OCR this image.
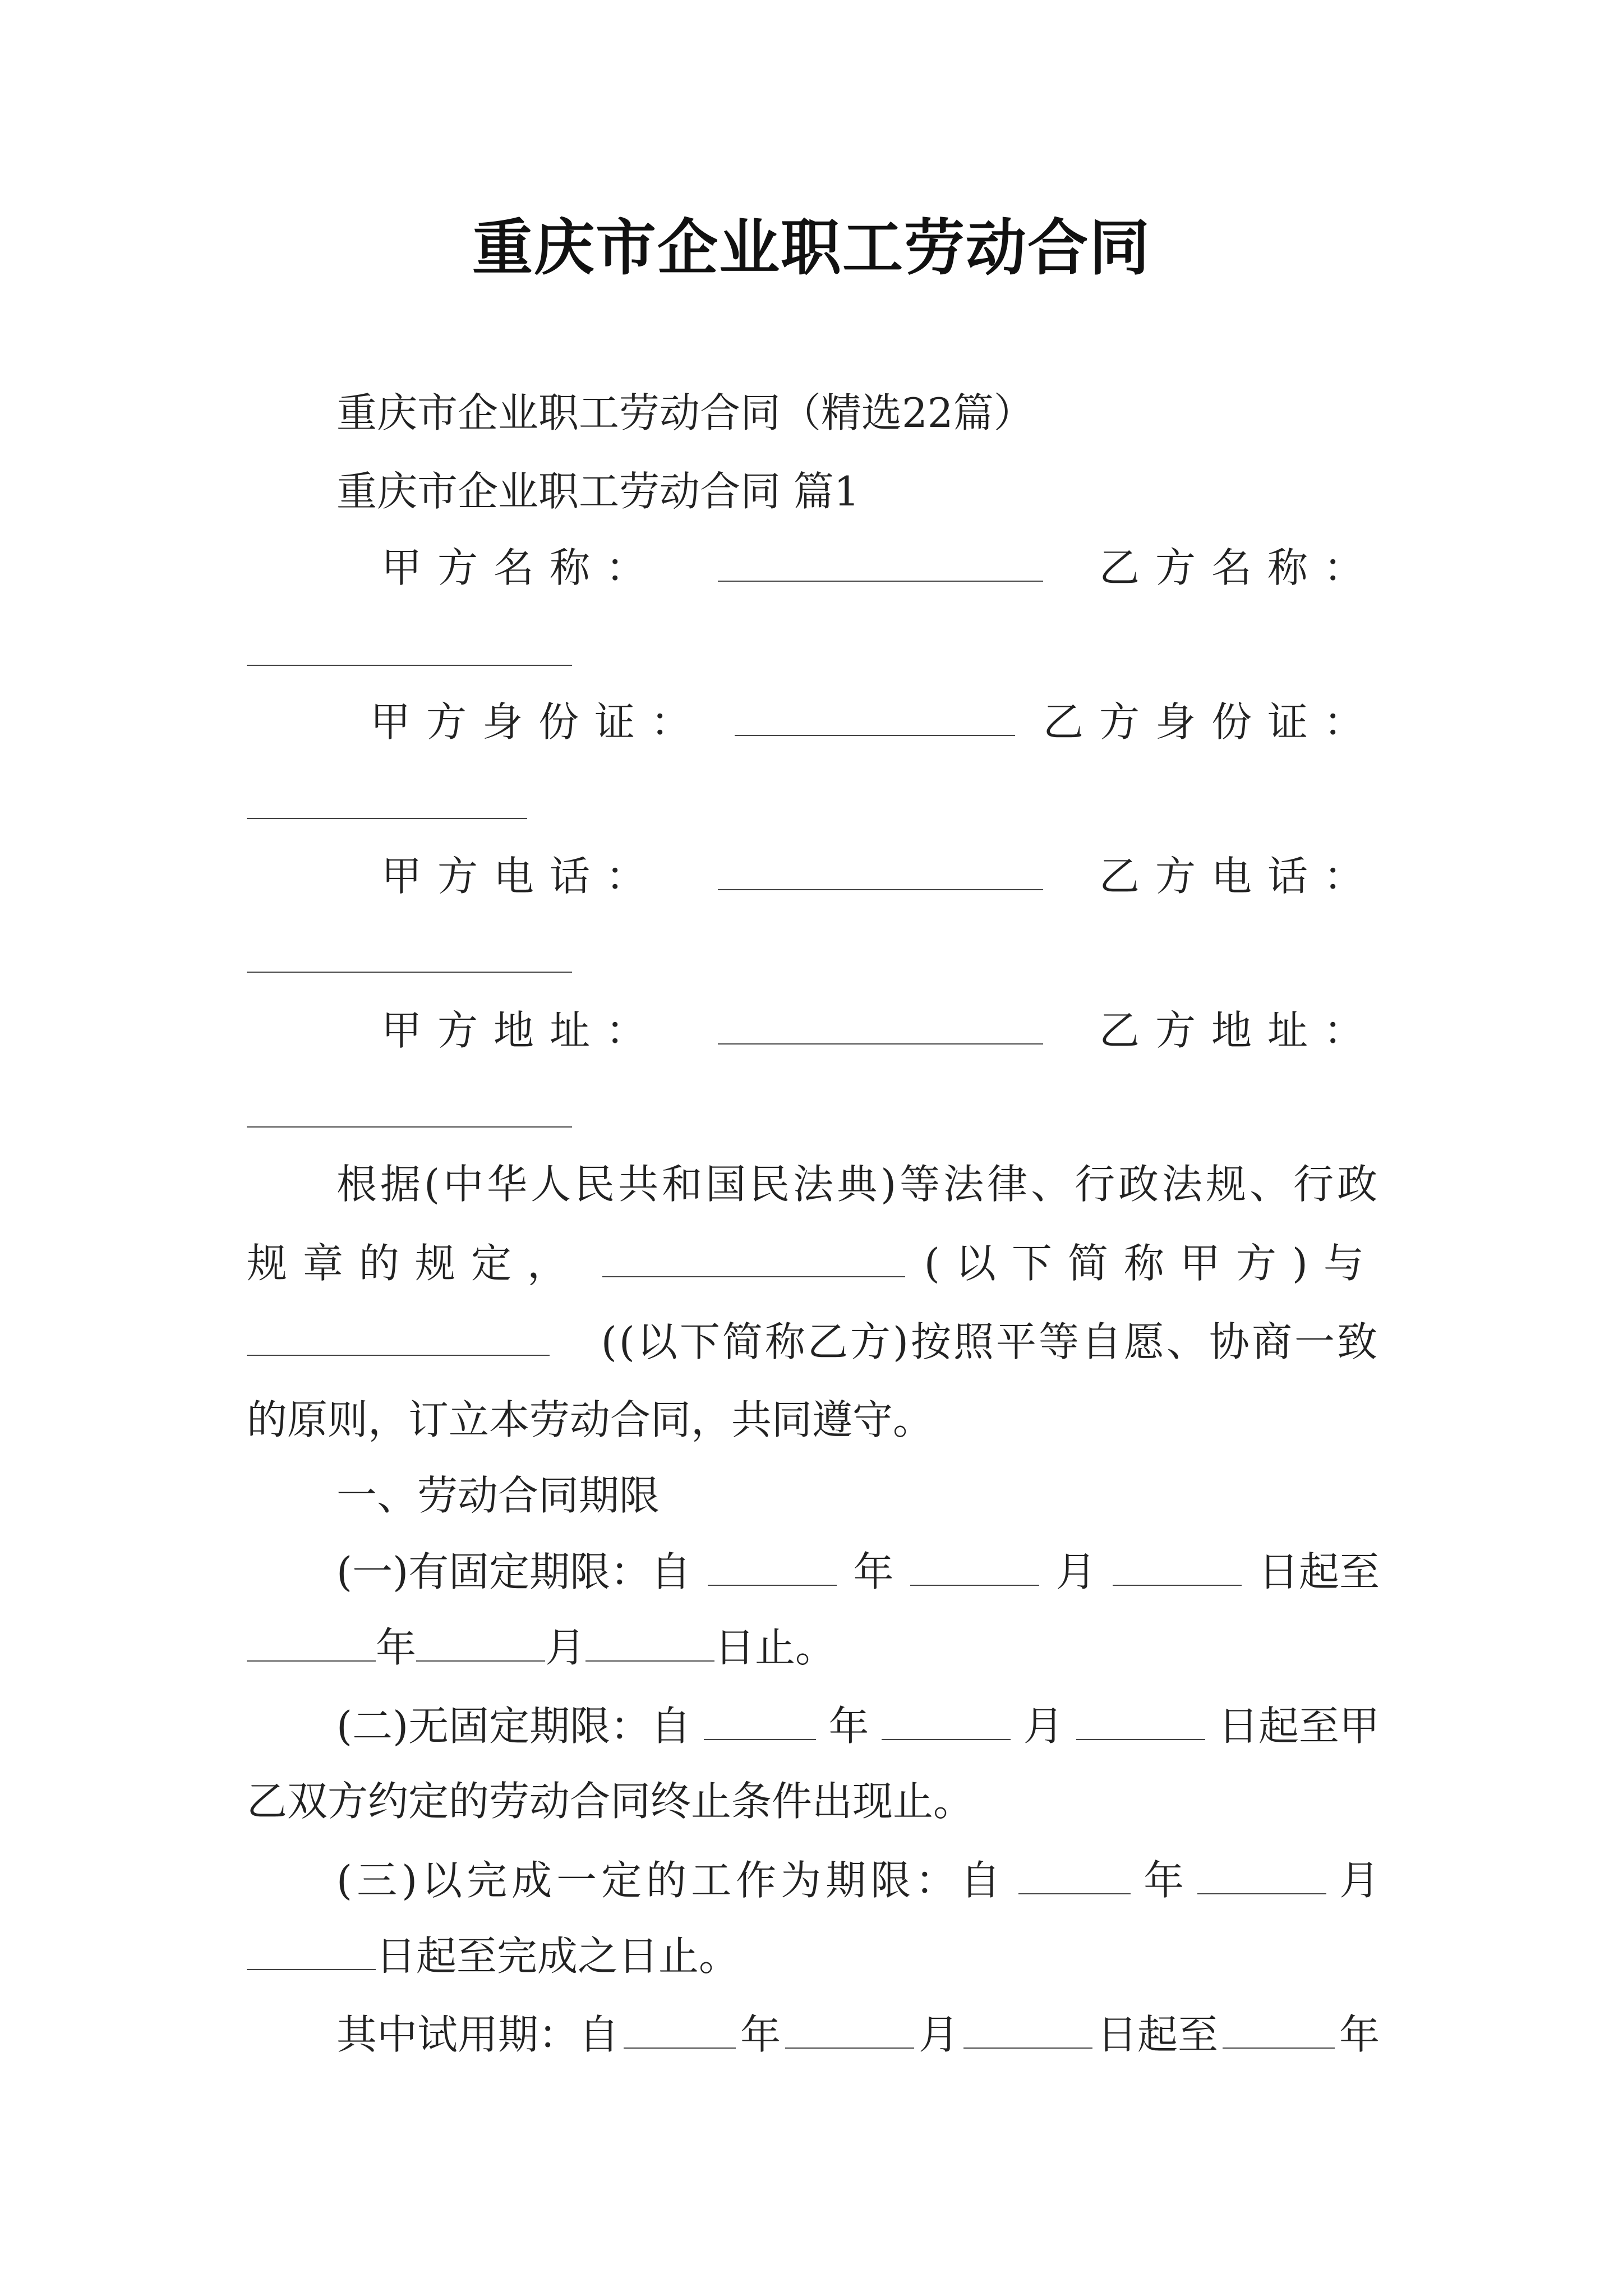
重庆市企业职工劳动合同
重庆市企业职工劳动合同（精选22篇）
重庆市企业职工劳动合同 篇1
甲方名称：	乙方名称：
甲方身份证：	乙方身份证：
甲方电话：	乙方电话：
甲方地址：	乙方地址：
根据(中华人民共和国民法典)等法律、行政法规、行政
规章的规定，	(以下简称甲方)与
((以下简称乙方)按照平等自愿、协商一致
的原则，订立本劳动合同，共同遵守。
一、劳动合同期限
(一)有固定期限：自	年	月	日起至
年	月	日止。
(二)无固定期限：自	年	月	日起至甲
乙双方约定的劳动合同终止条件出现止。
(三)以完成一定的工作为期限：自	年	月
日起至完成之日止。
其中试用期：自	年	月	日起至	年
